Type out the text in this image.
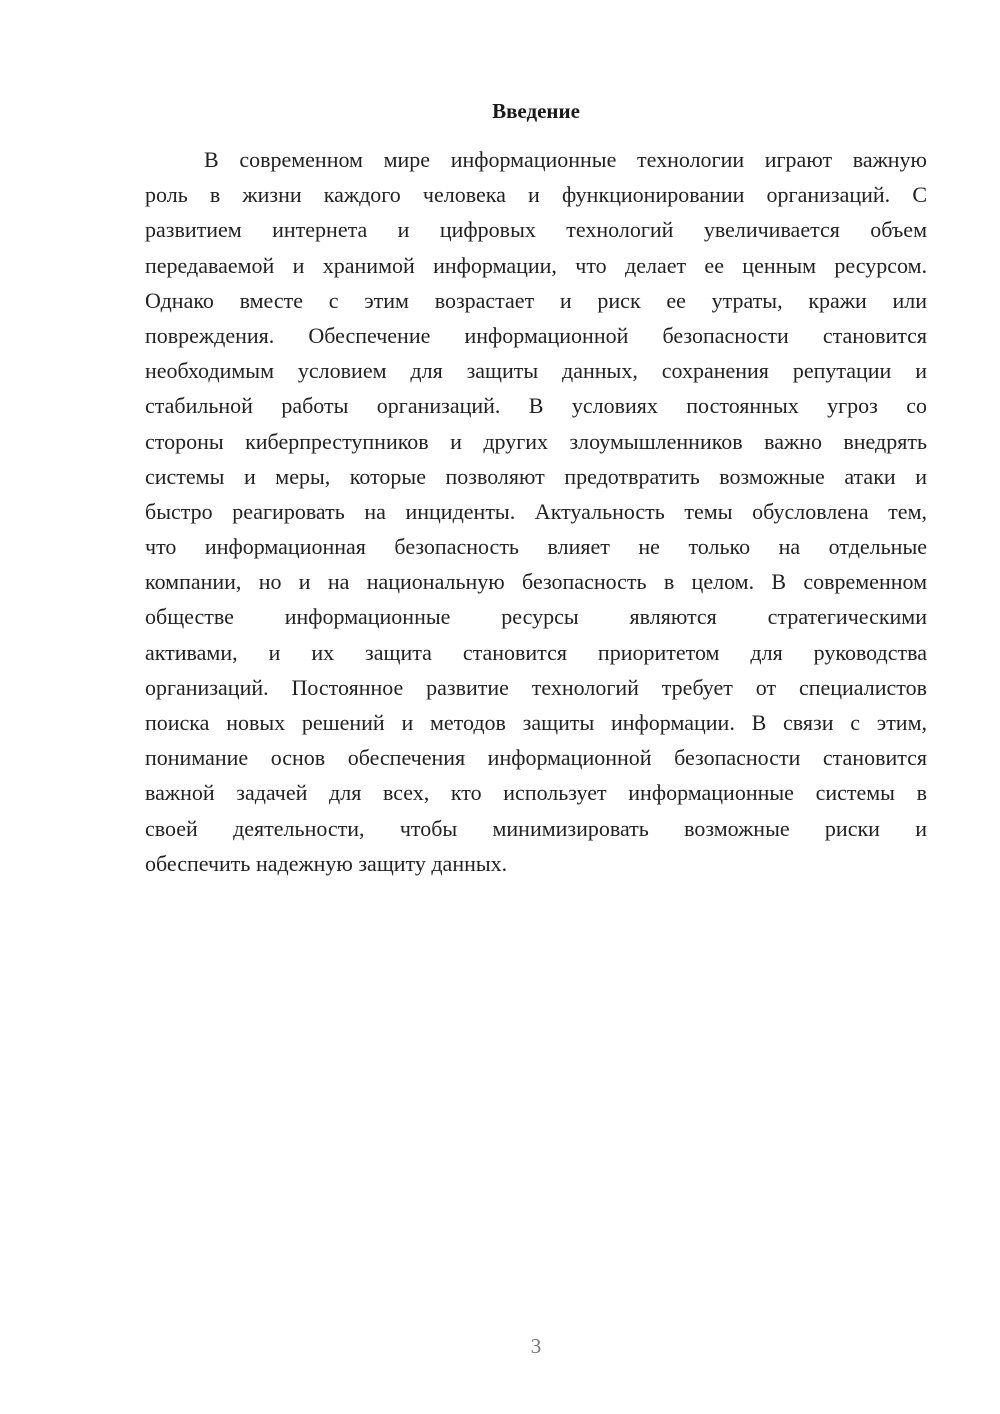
Введение
В современном мире информационные технологии играют важную
роль в жизни каждого человека и функционировании организаций. С
развитием интернета и цифровых технологий увеличивается объем
передаваемой и хранимой информации, что делает ее ценным ресурсом.
Однако вместе с этим возрастает и риск ее утраты, кражи или
повреждения. Обеспечение информационной безопасности становится
необходимым условием для защиты данных, сохранения репутации и
стабильной работы организаций. В условиях постоянных угроз со
стороны киберпреступников и других злоумышленников важно внедрять
системы и меры, которые позволяют предотвратить возможные атаки и
быстро реагировать на инциденты. Актуальность темы обусловлена тем,
что информационная безопасность влияет не только на отдельные
компании, но и на национальную безопасность в целом. В современном
обществе информационные ресурсы являются стратегическими
активами, и их защита становится приоритетом для руководства
организаций. Постоянное развитие технологий требует от специалистов
поиска новых решений и методов защиты информации. В связи с этим,
понимание основ обеспечения информационной безопасности становится
важной задачей для всех, кто использует информационные системы в
своей деятельности, чтобы минимизировать возможные риски и
обеспечить надежную защиту данных.
3
